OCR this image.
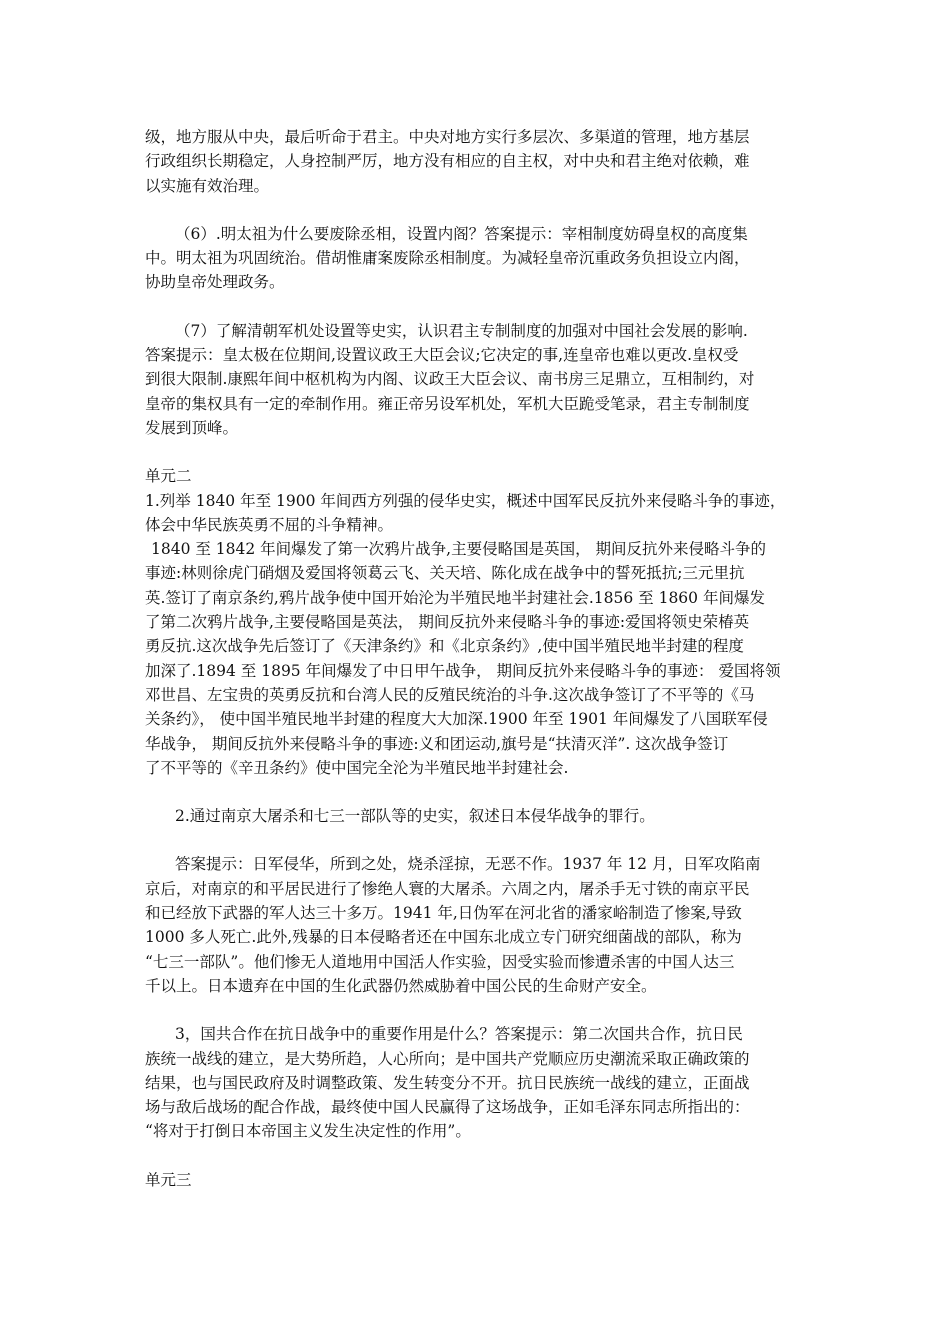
级，地方服从中央，最后听命于君主。中央对地方实行多层次、多渠道的管理，地方基层
行政组织长期稳定，人身控制严厉，地方没有相应的自主权，对中央和君主绝对依赖，难
以实施有效治理。
（6）.明太祖为什么要废除丞相，设置内阁？答案提示：宰相制度妨碍皇权的高度集
中。明太祖为巩固统治。借胡惟庸案废除丞相制度。为减轻皇帝沉重政务负担设立内阁，
协助皇帝处理政务。
（7）了解清朝军机处设置等史实，认识君主专制制度的加强对中国社会发展的影响.
答案提示：皇太极在位期间,设置议政王大臣会议;它决定的事,连皇帝也难以更改.皇权受
到很大限制.康熙年间中枢机构为内阁、议政王大臣会议、南书房三足鼎立，互相制约，对
皇帝的集权具有一定的牵制作用。雍正帝另设军机处，军机大臣跪受笔录，君主专制制度
发展到顶峰。
单元二
1.列举 1840 年至 1900 年间西方列强的侵华史实，概述中国军民反抗外来侵略斗争的事迹，
体会中华民族英勇不屈的斗争精神。
1840 至 1842 年间爆发了第一次鸦片战争,主要侵略国是英国， 期间反抗外来侵略斗争的
事迹:林则徐虎门硝烟及爱国将领葛云飞、关天培、陈化成在战争中的誓死抵抗;三元里抗
英.签订了南京条约,鸦片战争使中国开始沦为半殖民地半封建社会.1856 至 1860 年间爆发
了第二次鸦片战争,主要侵略国是英法， 期间反抗外来侵略斗争的事迹:爱国将领史荣椿英
勇反抗.这次战争先后签订了《天津条约》和《北京条约》,使中国半殖民地半封建的程度
加深了.1894 至 1895 年间爆发了中日甲午战争， 期间反抗外来侵略斗争的事迹： 爱国将领
邓世昌、左宝贵的英勇反抗和台湾人民的反殖民统治的斗争.这次战争签订了不平等的《马
关条约》， 使中国半殖民地半封建的程度大大加深.1900 年至 1901 年间爆发了八国联军侵
华战争， 期间反抗外来侵略斗争的事迹:义和团运动,旗号是“扶清灭洋”. 这次战争签订
了不平等的《辛丑条约》使中国完全沦为半殖民地半封建社会.
2.通过南京大屠杀和七三一部队等的史实，叙述日本侵华战争的罪行。
答案提示：日军侵华，所到之处，烧杀淫掠，无恶不作。1937 年 12 月，日军攻陷南
京后，对南京的和平居民进行了惨绝人寰的大屠杀。六周之内，屠杀手无寸铁的南京平民
和已经放下武器的军人达三十多万。1941 年,日伪军在河北省的潘家峪制造了惨案,导致
1000 多人死亡.此外,残暴的日本侵略者还在中国东北成立专门研究细菌战的部队，称为
“七三一部队”。他们惨无人道地用中国活人作实验，因受实验而惨遭杀害的中国人达三
千以上。日本遗弃在中国的生化武器仍然威胁着中国公民的生命财产安全。
3，国共合作在抗日战争中的重要作用是什么？答案提示：第二次国共合作，抗日民
族统一战线的建立，是大势所趋，人心所向；是中国共产党顺应历史潮流采取正确政策的
结果，也与国民政府及时调整政策、发生转变分不开。抗日民族统一战线的建立，正面战
场与敌后战场的配合作战，最终使中国人民赢得了这场战争，正如毛泽东同志所指出的：
“将对于打倒日本帝国主义发生决定性的作用”。
单元三
